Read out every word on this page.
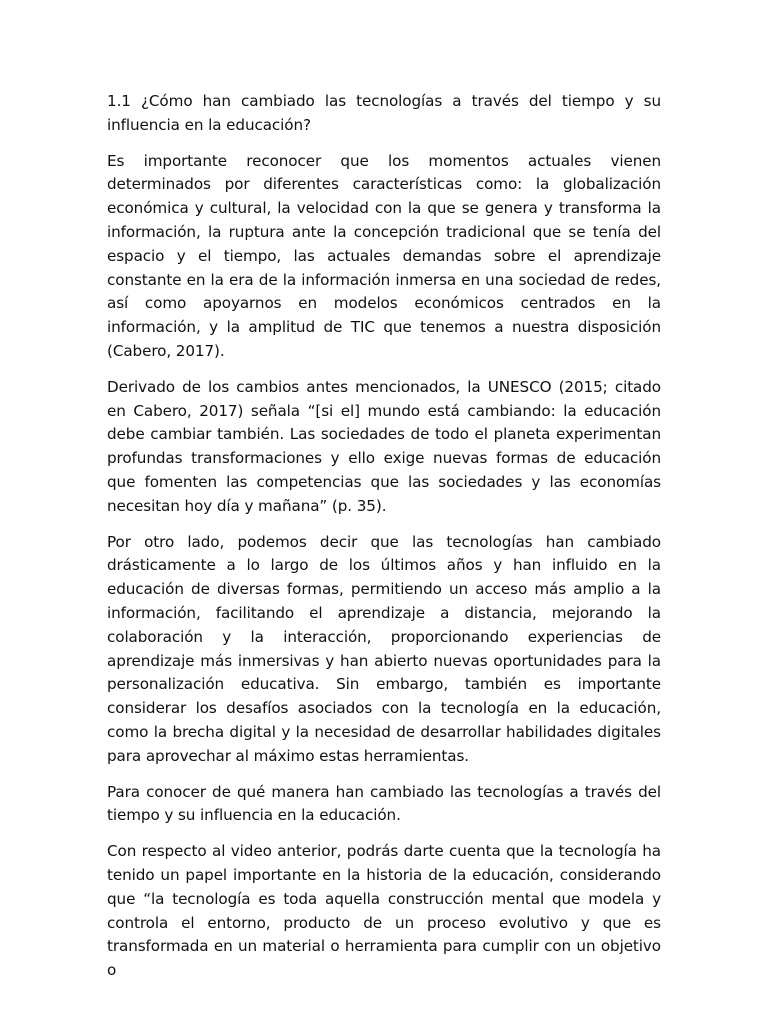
1.1 ¿Cómo han cambiado las tecnologías a través del tiempo y su influencia en la educación?

Es importante reconocer que los momentos actuales vienen determinados por diferentes características como: la globalización económica y cultural, la velocidad con la que se genera y transforma la información, la ruptura ante la concepción tradicional que se tenía del espacio y el tiempo, las actuales demandas sobre el aprendizaje constante en la era de la información inmersa en una sociedad de redes, así como apoyarnos en modelos económicos centrados en la información, y la amplitud de TIC que tenemos a nuestra disposición (Cabero, 2017).

Derivado de los cambios antes mencionados, la UNESCO (2015; citado en Cabero, 2017) señala “[si el] mundo está cambiando: la educación debe cambiar también. Las sociedades de todo el planeta experimentan profundas transformaciones y ello exige nuevas formas de educación que fomenten las competencias que las sociedades y las economías necesitan hoy día y mañana” (p. 35).

Por otro lado, podemos decir que las tecnologías han cambiado drásticamente a lo largo de los últimos años y han influido en la educación de diversas formas, permitiendo un acceso más amplio a la información, facilitando el aprendizaje a distancia, mejorando la colaboración y la interacción, proporcionando experiencias de aprendizaje más inmersivas y han abierto nuevas oportunidades para la personalización educativa. Sin embargo, también es importante considerar los desafíos asociados con la tecnología en la educación, como la brecha digital y la necesidad de desarrollar habilidades digitales para aprovechar al máximo estas herramientas.

Para conocer de qué manera han cambiado las tecnologías a través del tiempo y su influencia en la educación.

Con respecto al video anterior, podrás darte cuenta que la tecnología ha tenido un papel importante en la historia de la educación, considerando que “la tecnología es toda aquella construcción mental que modela y controla el entorno, producto de un proceso evolutivo y que es transformada en un material o herramienta para cumplir con un objetivo o
